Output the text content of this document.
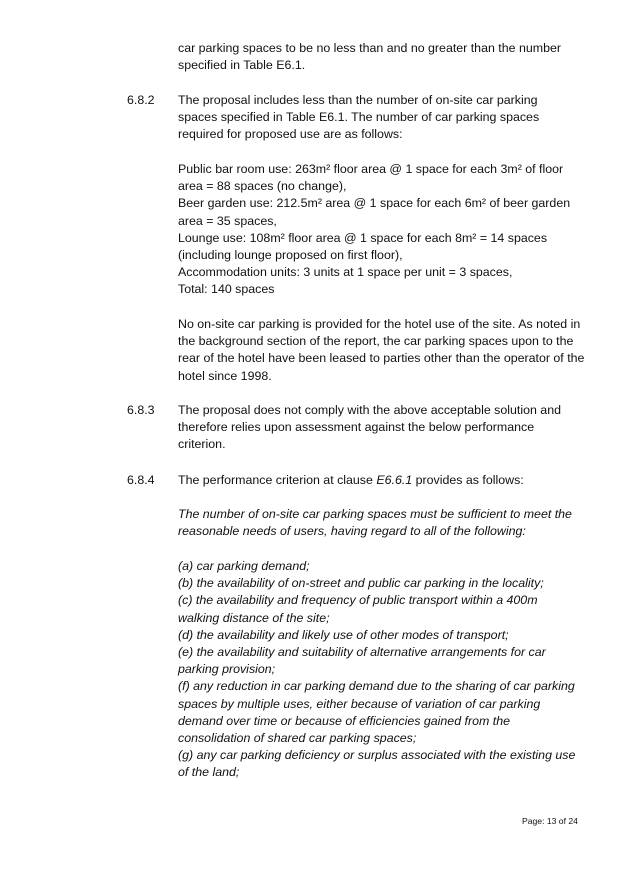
car parking spaces to be no less than and no greater than the number
specified in Table E6.1.
6.8.2 The proposal includes less than the number of on-site car parking
spaces specified in Table E6.1. The number of car parking spaces
required for proposed use are as follows:
Public bar room use: 263m² floor area @ 1 space for each 3m² of floor
area = 88 spaces (no change),
Beer garden use: 212.5m² area @ 1 space for each 6m² of beer garden
area = 35 spaces,
Lounge use: 108m² floor area @ 1 space for each 8m² = 14 spaces
(including lounge proposed on first floor),
Accommodation units: 3 units at 1 space per unit = 3 spaces,
Total: 140 spaces
No on-site car parking is provided for the hotel use of the site. As noted in
the background section of the report, the car parking spaces upon to the
rear of the hotel have been leased to parties other than the operator of the
hotel since 1998.
6.8.3 The proposal does not comply with the above acceptable solution and
therefore relies upon assessment against the below performance
criterion.
6.8.4 The performance criterion at clause E6.6.1 provides as follows:
The number of on-site car parking spaces must be sufficient to meet the
reasonable needs of users, having regard to all of the following:
(a) car parking demand;
(b) the availability of on-street and public car parking in the locality;
(c) the availability and frequency of public transport within a 400m
walking distance of the site;
(d) the availability and likely use of other modes of transport;
(e) the availability and suitability of alternative arrangements for car
parking provision;
(f) any reduction in car parking demand due to the sharing of car parking
spaces by multiple uses, either because of variation of car parking
demand over time or because of efficiencies gained from the
consolidation of shared car parking spaces;
(g) any car parking deficiency or surplus associated with the existing use
of the land;
Page: 13 of 24
